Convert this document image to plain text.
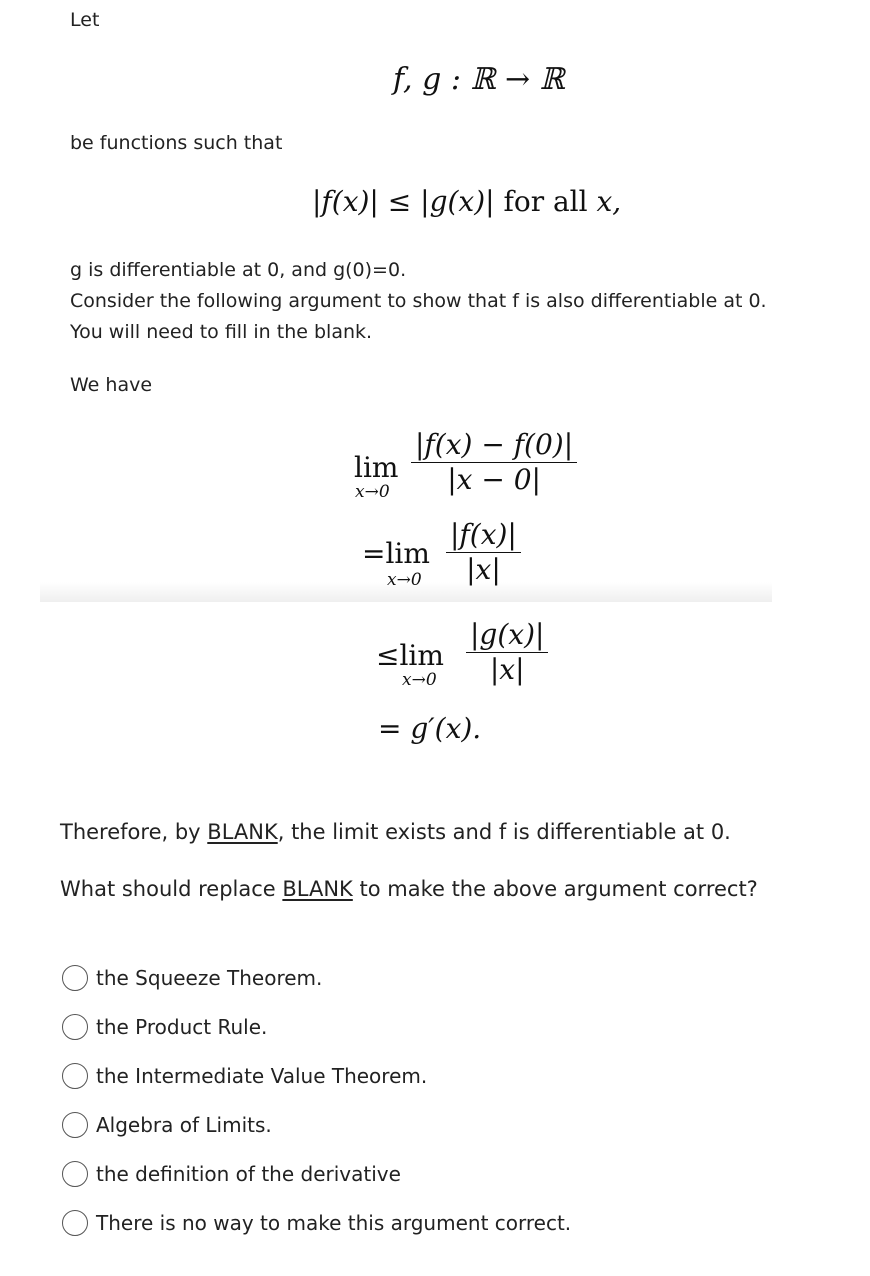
Let
f, g : ℝ → ℝ
be functions such that
|f(x)| ≤ |g(x)| for all x,
g is differentiable at 0, and g(0)=0.
Consider the following argument to show that f is also differentiable at 0.
You will need to fill in the blank.
We have
lim
$x\to 0 \frac{|f(x) - f(0)|}{|x - 0|}$
=lim
$x\to 0 \frac{|f(x)|}{|x|}$
≤lim
$x\to 0 \frac{|g(x)|}{|x|}$
= g′(x).
Therefore, by BLANK, the limit exists and f is differentiable at 0.
What should replace BLANK to make the above argument correct?
the Squeeze Theorem.
the Product Rule.
the Intermediate Value Theorem.
Algebra of Limits.
the definition of the derivative
There is no way to make this argument correct.
